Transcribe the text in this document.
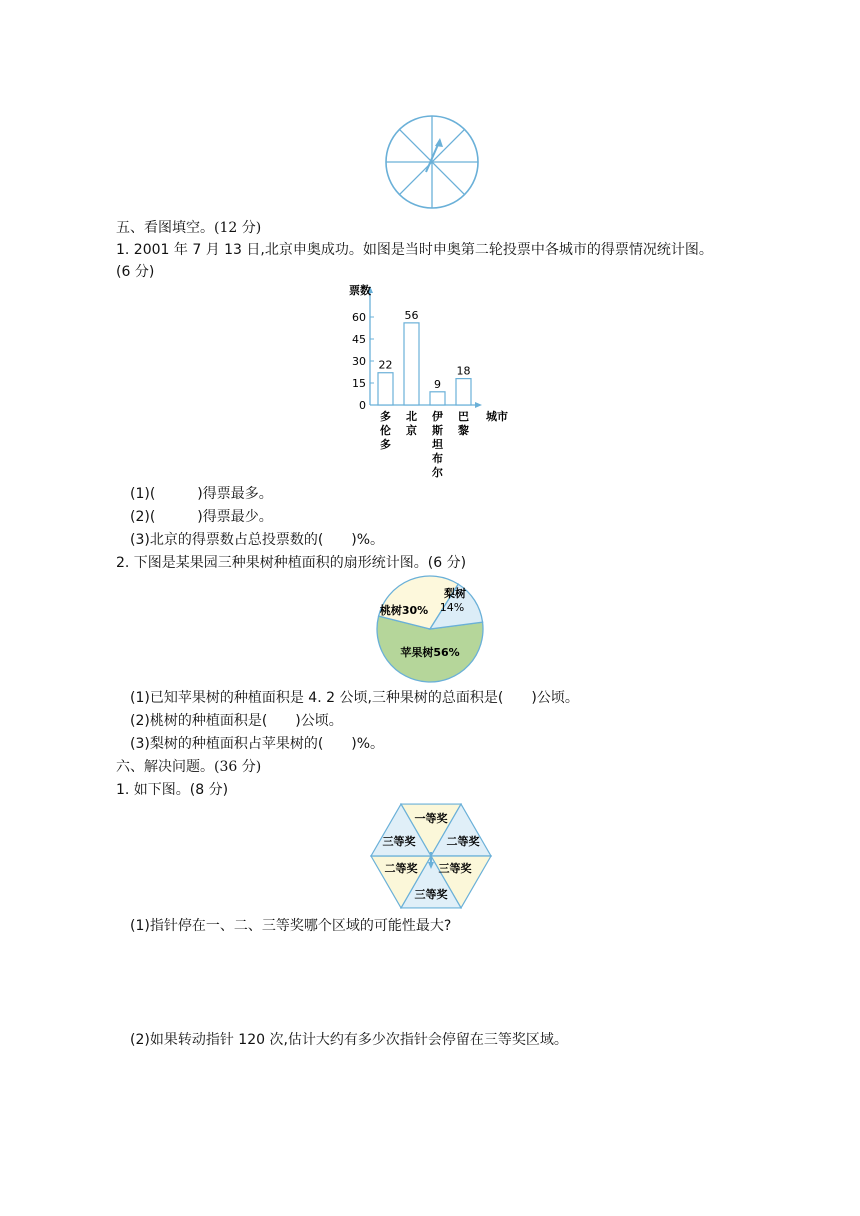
五、看图填空。(12 分)
1. 2001 年 7 月 13 日,北京申奥成功。如图是当时申奥第二轮投票中各城市的得票情况统计图。
(6 分)
票数
0
15
30
45
60
22
多
伦
多
56
北
京
9
伊
斯
坦
布
尔
18
巴
黎
城市
(1)(　　　)得票最多。
(2)(　　　)得票最少。
(3)北京的得票数占总投票数的(　　)%。
2. 下图是某果园三种果树种植面积的扇形统计图。(6 分)
苹果树56%
桃树30%
梨树
14%
(1)已知苹果树的种植面积是 4. 2 公顷,三种果树的总面积是(　　)公顷。
(2)桃树的种植面积是(　　)公顷。
(3)梨树的种植面积占苹果树的(　　)%。
六、解决问题。(36 分)
1. 如下图。(8 分)
一等奖
二等奖
三等奖
三等奖
二等奖
三等奖
(1)指针停在一、二、三等奖哪个区域的可能性最大?
(2)如果转动指针 120 次,估计大约有多少次指针会停留在三等奖区域。
